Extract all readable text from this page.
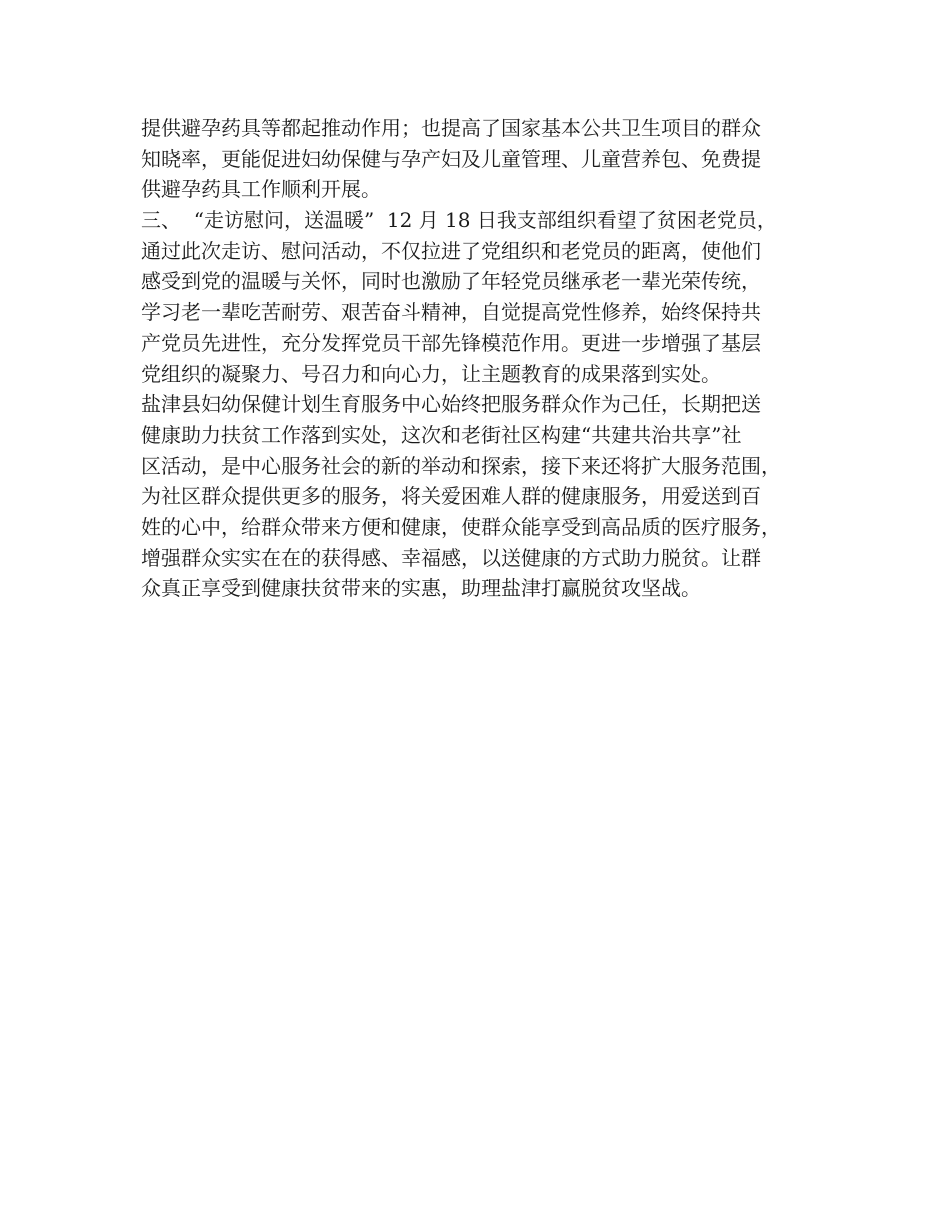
提供避孕药具等都起推动作用；也提高了国家基本公共卫生项目的群众
知晓率，更能促进妇幼保健与孕产妇及儿童管理、儿童营养包、免费提
供避孕药具工作顺利开展。
三、  “走访慰问，送温暖”  12 月 18 日我支部组织看望了贫困老党员，
通过此次走访、慰问活动，不仅拉进了党组织和老党员的距离，使他们
感受到党的温暖与关怀，同时也激励了年轻党员继承老一辈光荣传统，
学习老一辈吃苦耐劳、艰苦奋斗精神，自觉提高党性修养，始终保持共
产党员先进性，充分发挥党员干部先锋模范作用。更进一步增强了基层
党组织的凝聚力、号召力和向心力，让主题教育的成果落到实处。
盐津县妇幼保健计划生育服务中心始终把服务群众作为己任，长期把送
健康助力扶贫工作落到实处，这次和老街社区构建“共建共治共享”社
区活动，是中心服务社会的新的举动和探索，接下来还将扩大服务范围，
为社区群众提供更多的服务，将关爱困难人群的健康服务，用爱送到百
姓的心中，给群众带来方便和健康，使群众能享受到高品质的医疗服务，
增强群众实实在在的获得感、幸福感，以送健康的方式助力脱贫。让群
众真正享受到健康扶贫带来的实惠，助理盐津打赢脱贫攻坚战。
